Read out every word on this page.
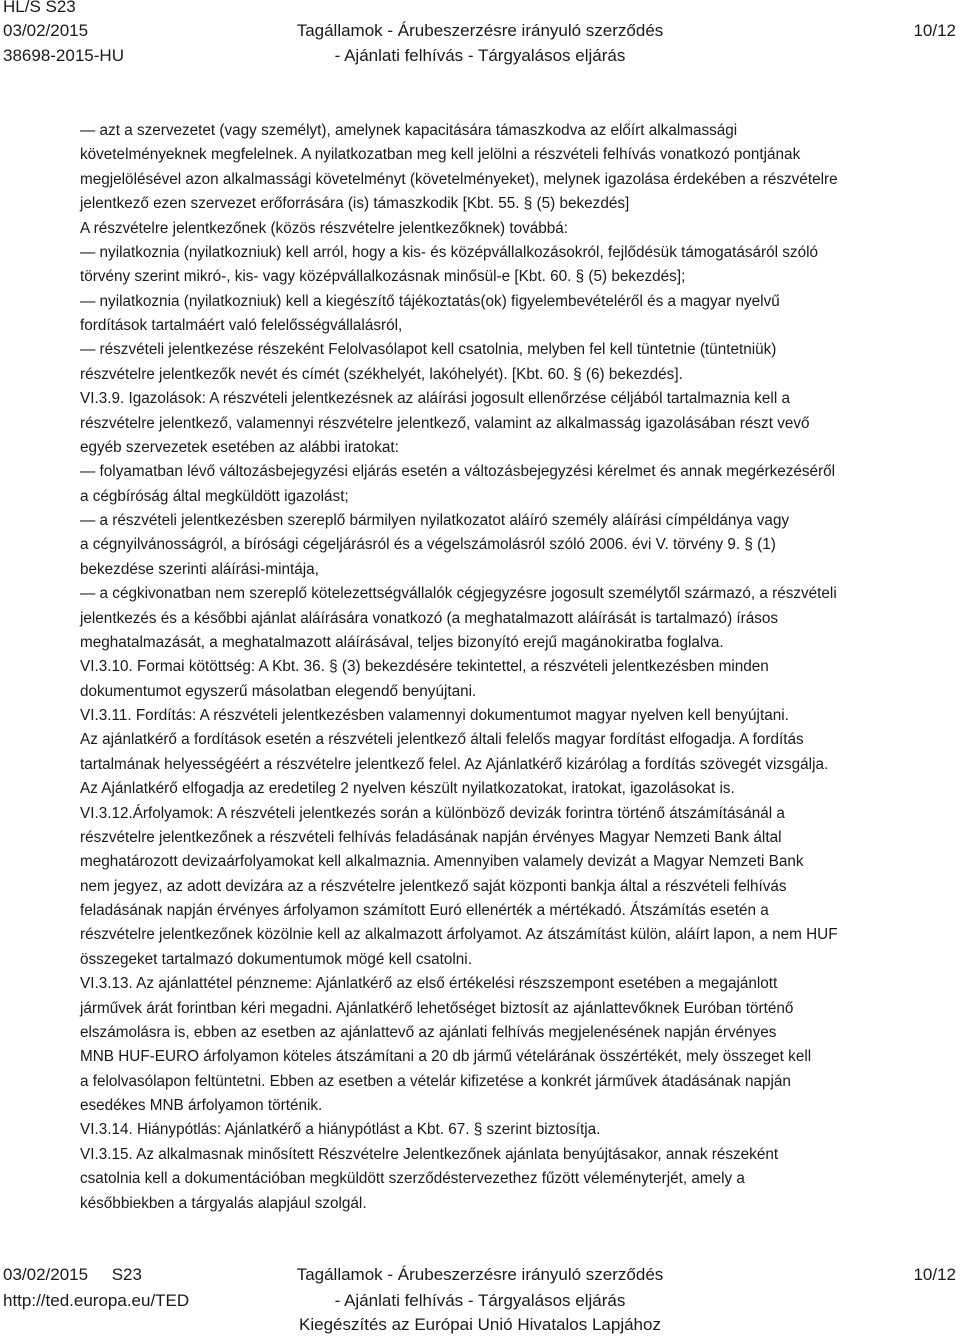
HL/S S23
03/02/2015
38698-2015-HU
Tagállamok - Árubeszerzésre irányuló szerződés
- Ajánlati felhívás - Tárgyalásos eljárás
10/12

— azt a szervezetet (vagy személyt), amelynek kapacitására támaszkodva az előírt alkalmassági

követelményeknek megfelelnek. A nyilatkozatban meg kell jelölni a részvételi felhívás vonatkozó pontjának

megjelölésével azon alkalmassági követelményt (követelményeket), melynek igazolása érdekében a részvételre

jelentkező ezen szervezet erőforrására (is) támaszkodik [Kbt. 55. § (5) bekezdés]

A részvételre jelentkezőnek (közös részvételre jelentkezőknek) továbbá:

— nyilatkoznia (nyilatkozniuk) kell arról, hogy a kis- és középvállalkozásokról, fejlődésük támogatásáról szóló

törvény szerint mikró-, kis- vagy középvállalkozásnak minősül-e [Kbt. 60. § (5) bekezdés];

— nyilatkoznia (nyilatkozniuk) kell a kiegészítő tájékoztatás(ok) figyelembevételéről és a magyar nyelvű

fordítások tartalmáért való felelősségvállalásról,

— részvételi jelentkezése részeként Felolvasólapot kell csatolnia, melyben fel kell tüntetnie (tüntetniük)

részvételre jelentkezők nevét és címét (székhelyét, lakóhelyét). [Kbt. 60. § (6) bekezdés].

VI.3.9. Igazolások: A részvételi jelentkezésnek az aláírási jogosult ellenőrzése céljából tartalmaznia kell a

részvételre jelentkező, valamennyi részvételre jelentkező, valamint az alkalmasság igazolásában részt vevő

egyéb szervezetek esetében az alábbi iratokat:

— folyamatban lévő változásbejegyzési eljárás esetén a változásbejegyzési kérelmet és annak megérkezéséről

a cégbíróság által megküldött igazolást;

— a részvételi jelentkezésben szereplő bármilyen nyilatkozatot aláíró személy aláírási címpéldánya vagy

a cégnyilvánosságról, a bírósági cégeljárásról és a végelszámolásról szóló 2006. évi V. törvény 9. § (1)

bekezdése szerinti aláírási-mintája,

— a cégkivonatban nem szereplő kötelezettségvállalók cégjegyzésre jogosult személytől származó, a részvételi

jelentkezés és a későbbi ajánlat aláírására vonatkozó (a meghatalmazott aláírását is tartalmazó) írásos

meghatalmazását, a meghatalmazott aláírásával, teljes bizonyító erejű magánokiratba foglalva.

VI.3.10. Formai kötöttség: A Kbt. 36. § (3) bekezdésére tekintettel, a részvételi jelentkezésben minden

dokumentumot egyszerű másolatban elegendő benyújtani.

VI.3.11. Fordítás: A részvételi jelentkezésben valamennyi dokumentumot magyar nyelven kell benyújtani.

Az ajánlatkérő a fordítások esetén a részvételi jelentkező általi felelős magyar fordítást elfogadja. A fordítás

tartalmának helyességéért a részvételre jelentkező felel. Az Ajánlatkérő kizárólag a fordítás szövegét vizsgálja.

Az Ajánlatkérő elfogadja az eredetileg 2 nyelven készült nyilatkozatokat, iratokat, igazolásokat is.

VI.3.12.Árfolyamok: A részvételi jelentkezés során a különböző devizák forintra történő átszámításánál a

részvételre jelentkezőnek a részvételi felhívás feladásának napján érvényes Magyar Nemzeti Bank által

meghatározott devizaárfolyamokat kell alkalmaznia. Amennyiben valamely devizát a Magyar Nemzeti Bank

nem jegyez, az adott devizára az a részvételre jelentkező saját központi bankja által a részvételi felhívás

feladásának napján érvényes árfolyamon számított Euró ellenérték a mértékadó. Átszámítás esetén a

részvételre jelentkezőnek közölnie kell az alkalmazott árfolyamot. Az átszámítást külön, aláírt lapon, a nem HUF

összegeket tartalmazó dokumentumok mögé kell csatolni.

VI.3.13. Az ajánlattétel pénzneme: Ajánlatkérő az első értékelési részszempont esetében a megajánlott

járművek árát forintban kéri megadni. Ajánlatkérő lehetőséget biztosít az ajánlattevőknek Euróban történő

elszámolásra is, ebben az esetben az ajánlattevő az ajánlati felhívás megjelenésének napján érvényes

MNB HUF-EURO árfolyamon köteles átszámítani a 20 db jármű vételárának összértékét, mely összeget kell

a felolvasólapon feltüntetni. Ebben az esetben a vételár kifizetése a konkrét járművek átadásának napján

esedékes MNB árfolyamon történik.

VI.3.14. Hiánypótlás: Ajánlatkérő a hiánypótlást a Kbt. 67. § szerint biztosítja.

VI.3.15. Az alkalmasnak minősített Részvételre Jelentkezőnek ajánlata benyújtásakor, annak részeként

csatolnia kell a dokumentációban megküldött szerződéstervezethez fűzött véleményterjét, amely a

későbbiekben a tárgyalás alapjául szolgál.

03/02/2015     S23
http://ted.europa.eu/TED
Tagállamok - Árubeszerzésre irányuló szerződés
- Ajánlati felhívás - Tárgyalásos eljárás
Kiegészítés az Európai Unió Hivatalos Lapjához
10/12
